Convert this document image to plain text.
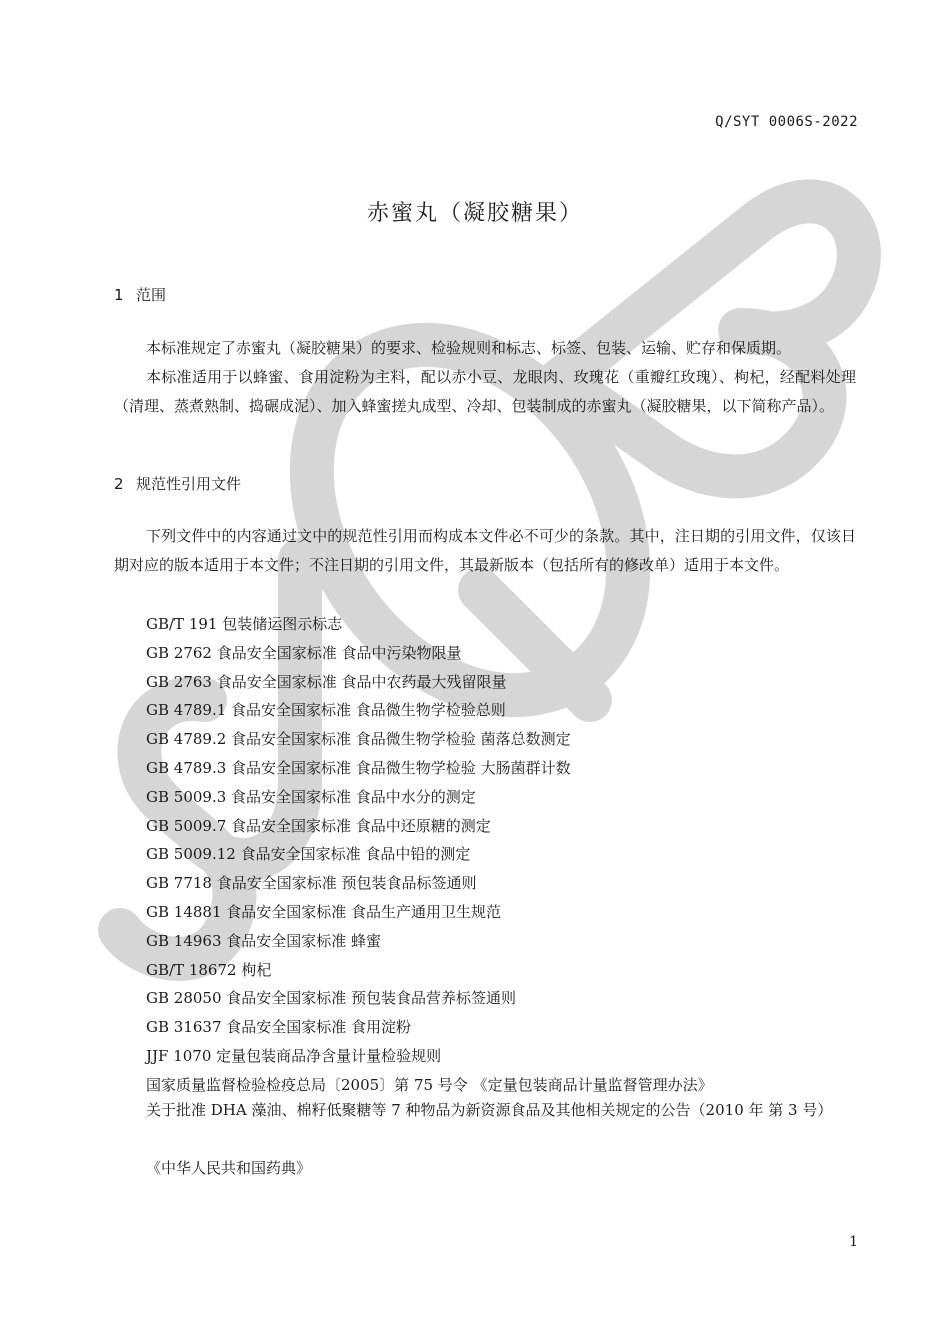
Q/SYT 0006S-2022
赤蜜丸（凝胶糖果）
1 范围
本标准规定了赤蜜丸（凝胶糖果）的要求、检验规则和标志、标签、包装、运输、贮存和保质期。
本标准适用于以蜂蜜、食用淀粉为主料，配以赤小豆、龙眼肉、玫瑰花（重瓣红玫瑰）、枸杞，经配料处理（清理、蒸煮熟制、捣碾成泥）、加入蜂蜜搓丸成型、冷却、包装制成的赤蜜丸（凝胶糖果，以下简称产品）。
2 规范性引用文件
下列文件中的内容通过文中的规范性引用而构成本文件必不可少的条款。其中，注日期的引用文件，仅该日期对应的版本适用于本文件；不注日期的引用文件，其最新版本（包括所有的修改单）适用于本文件。
GB/T 191 包装储运图示标志
GB 2762 食品安全国家标准 食品中污染物限量
GB 2763 食品安全国家标准 食品中农药最大残留限量
GB 4789.1 食品安全国家标准 食品微生物学检验总则
GB 4789.2 食品安全国家标准 食品微生物学检验 菌落总数测定
GB 4789.3 食品安全国家标准 食品微生物学检验 大肠菌群计数
GB 5009.3 食品安全国家标准 食品中水分的测定
GB 5009.7 食品安全国家标准 食品中还原糖的测定
GB 5009.12 食品安全国家标准 食品中铅的测定
GB 7718 食品安全国家标准 预包装食品标签通则
GB 14881 食品安全国家标准 食品生产通用卫生规范
GB 14963 食品安全国家标准 蜂蜜
GB/T 18672 枸杞
GB 28050 食品安全国家标准 预包装食品营养标签通则
GB 31637 食品安全国家标准 食用淀粉
JJF 1070 定量包装商品净含量计量检验规则
国家质量监督检验检疫总局〔2005〕第 75 号令 《定量包装商品计量监督管理办法》
关于批准 DHA 藻油、棉籽低聚糖等 7 种物品为新资源食品及其他相关规定的公告（2010 年 第 3 号）
《中华人民共和国药典》
1
